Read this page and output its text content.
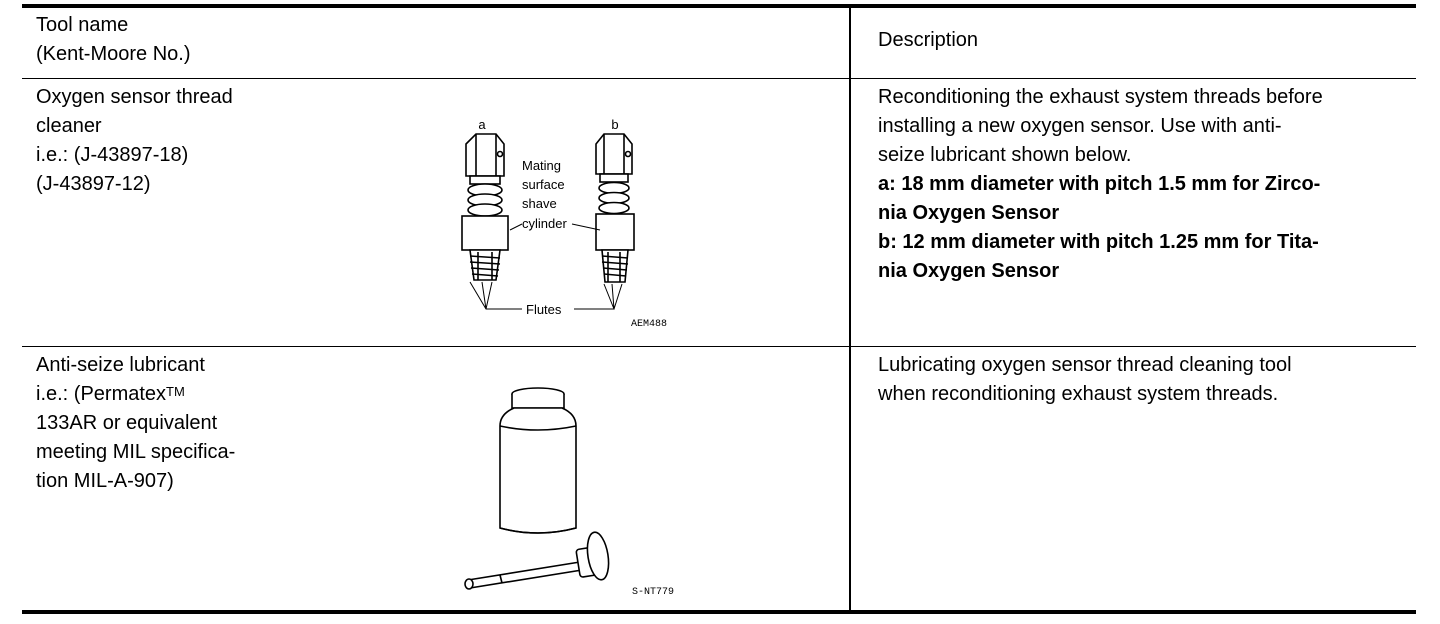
Tool name
(Kent-Moore No.)
Description
Oxygen sensor thread
cleaner
i.e.: (J-43897-18)
(J-43897-12)
a	b
Mating
surface
shave
cylinder
Flutes
AEM488
Reconditioning the exhaust system threads before
installing a new oxygen sensor. Use with anti-
seize lubricant shown below.
a: 18 mm diameter with pitch 1.5 mm for Zirco-
nia Oxygen Sensor
b: 12 mm diameter with pitch 1.25 mm for Tita-
nia Oxygen Sensor
Anti-seize lubricant
i.e.: (Permatex™
133AR or equivalent
meeting MIL specifica-
tion MIL-A-907)
S-NT779
Lubricating oxygen sensor thread cleaning tool
when reconditioning exhaust system threads.
